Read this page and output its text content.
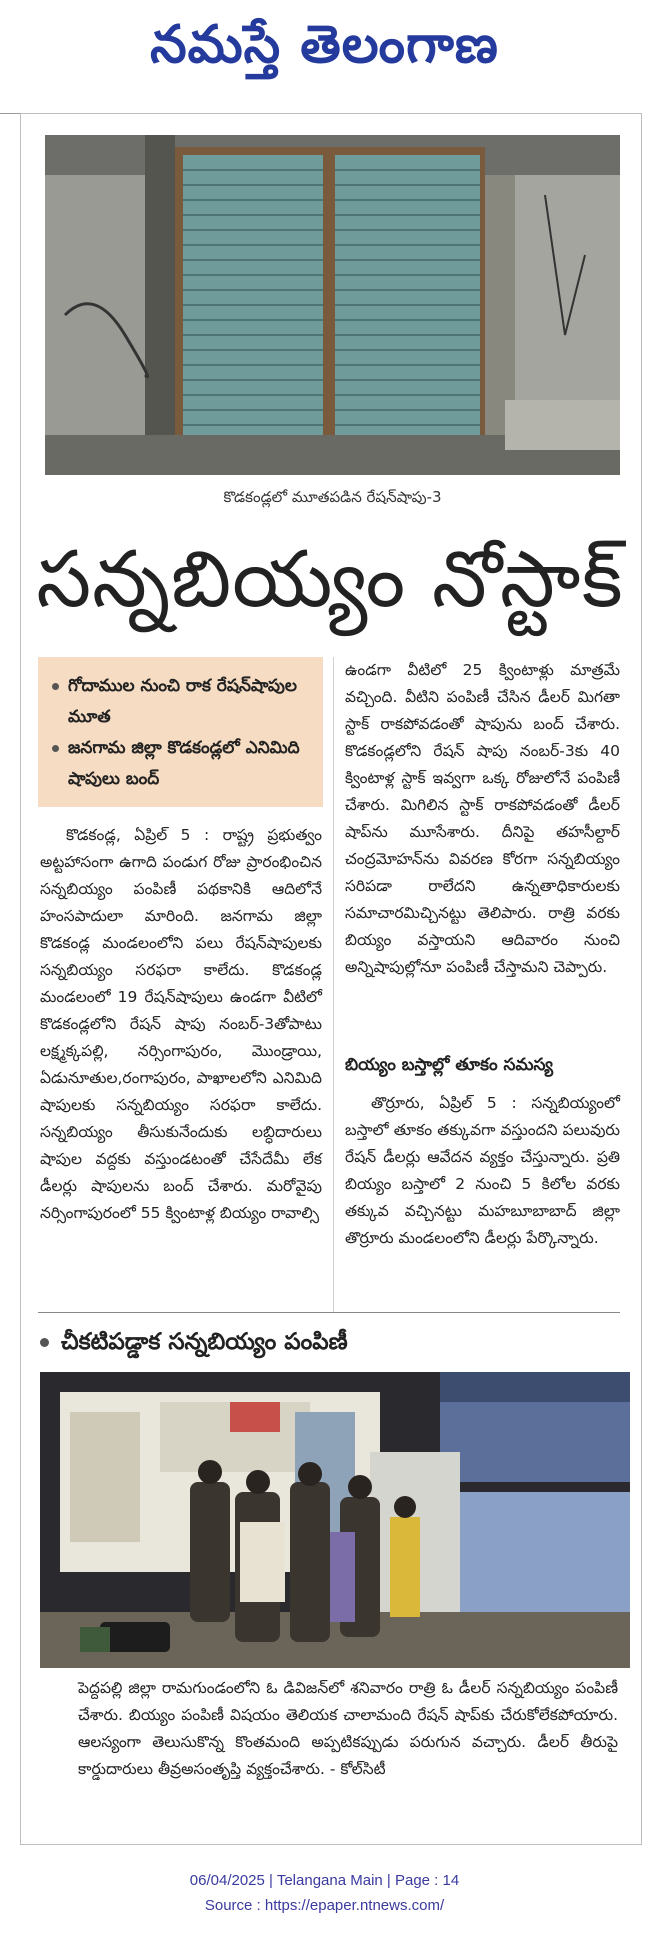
నమస్తే తెలంగాణ
కొడకండ్లలో మూతపడిన రేషన్‌షాపు-3
సన్నబియ్యం నోస్టాక్
గోదాముల నుంచి రాక రేషన్‌షాపుల మూత
జనగామ జిల్లా కొడకండ్లలో ఎనిమిది షాపులు బంద్

కొడకండ్ల, ఏప్రిల్ 5 : రాష్ట్ర ప్రభుత్వం అట్టహాసంగా ఉగాది పండుగ రోజు ప్రారంభించిన సన్నబియ్యం పంపిణీ పథకానికి ఆదిలోనే హంసపాదులా మారింది. జనగామ జిల్లా కొడకండ్ల మండలంలోని పలు రేషన్‌షాపులకు సన్నబియ్యం సరఫరా కాలేదు. కొడకండ్ల మండలంలో 19 రేషన్‌షాపులు ఉండగా వీటిలో కొడకండ్లలోని రేషన్ షాపు నంబర్-3తోపాటు లక్ష్మక్కపల్లి, నర్సింగాపురం, మొండ్రాయి, ఏడునూతుల,రంగాపురం, పాఖాలలోని ఎనిమిది షాపులకు సన్నబియ్యం సరఫరా కాలేదు. సన్నబియ్యం తీసుకునేందుకు లబ్ధిదారులు షాపుల వద్దకు వస్తుండటంతో చేసేదేమీ లేక డీలర్లు షాపులను బంద్ చేశారు. మరోవైపు నర్సింగాపురంలో 55 క్వింటాళ్ల బియ్యం రావాల్సి

ఉండగా వీటిలో 25 క్వింటాళ్లు మాత్రమే వచ్చింది. వీటిని పంపిణీ చేసిన డీలర్ మిగతా స్టాక్ రాకపోవడంతో షాపును బంద్ చేశారు. కొడకండ్లలోని రేషన్ షాపు నంబర్-3కు 40 క్వింటాళ్ల స్టాక్ ఇవ్వగా ఒక్క రోజులోనే పంపిణీ చేశారు. మిగిలిన స్టాక్ రాకపోవడంతో డీలర్ షాప్‌ను మూసేశారు. దీనిపై తహసీల్దార్ చంద్రమోహన్‌ను వివరణ కోరగా సన్నబియ్యం సరిపడా రాలేదని ఉన్నతాధికారులకు సమాచారమిచ్చినట్టు తెలిపారు. రాత్రి వరకు బియ్యం వస్తాయని ఆదివారం నుంచి అన్నిషాపుల్లోనూ పంపిణీ చేస్తామని చెప్పారు.

బియ్యం బస్తాల్లో తూకం సమస్య

తొర్రూరు, ఏప్రిల్ 5 : సన్నబియ్యంలో బస్తాలో తూకం తక్కువగా వస్తుందని పలువురు రేషన్ డీలర్లు ఆవేదన వ్యక్తం చేస్తున్నారు. ప్రతి బియ్యం బస్తాలో 2 నుంచి 5 కిలోల వరకు తక్కువ వచ్చినట్టు మహబూబాబాద్ జిల్లా తొర్రూరు మండలంలోని డీలర్లు పేర్కొన్నారు.

చీకటిపడ్డాక సన్నబియ్యం పంపిణీ
పెద్దపల్లి జిల్లా రామగుండంలోని ఓ డివిజన్‌లో శనివారం రాత్రి ఓ డీలర్ సన్నబియ్యం పంపిణీ చేశారు. బియ్యం పంపిణీ విషయం తెలియక చాలామంది రేషన్ షాప్‌కు చేరుకోలేకపోయారు. ఆలస్యంగా తెలుసుకొన్న కొంతమంది అప్పటికప్పుడు పరుగున వచ్చారు. డీలర్ తీరుపై కార్డుదారులు తీవ్రఅసంతృప్తి వ్యక్తంచేశారు. - కోల్‌సిటీ
06/04/2025 | Telangana Main | Page : 14
Source : https://epaper.ntnews.com/
